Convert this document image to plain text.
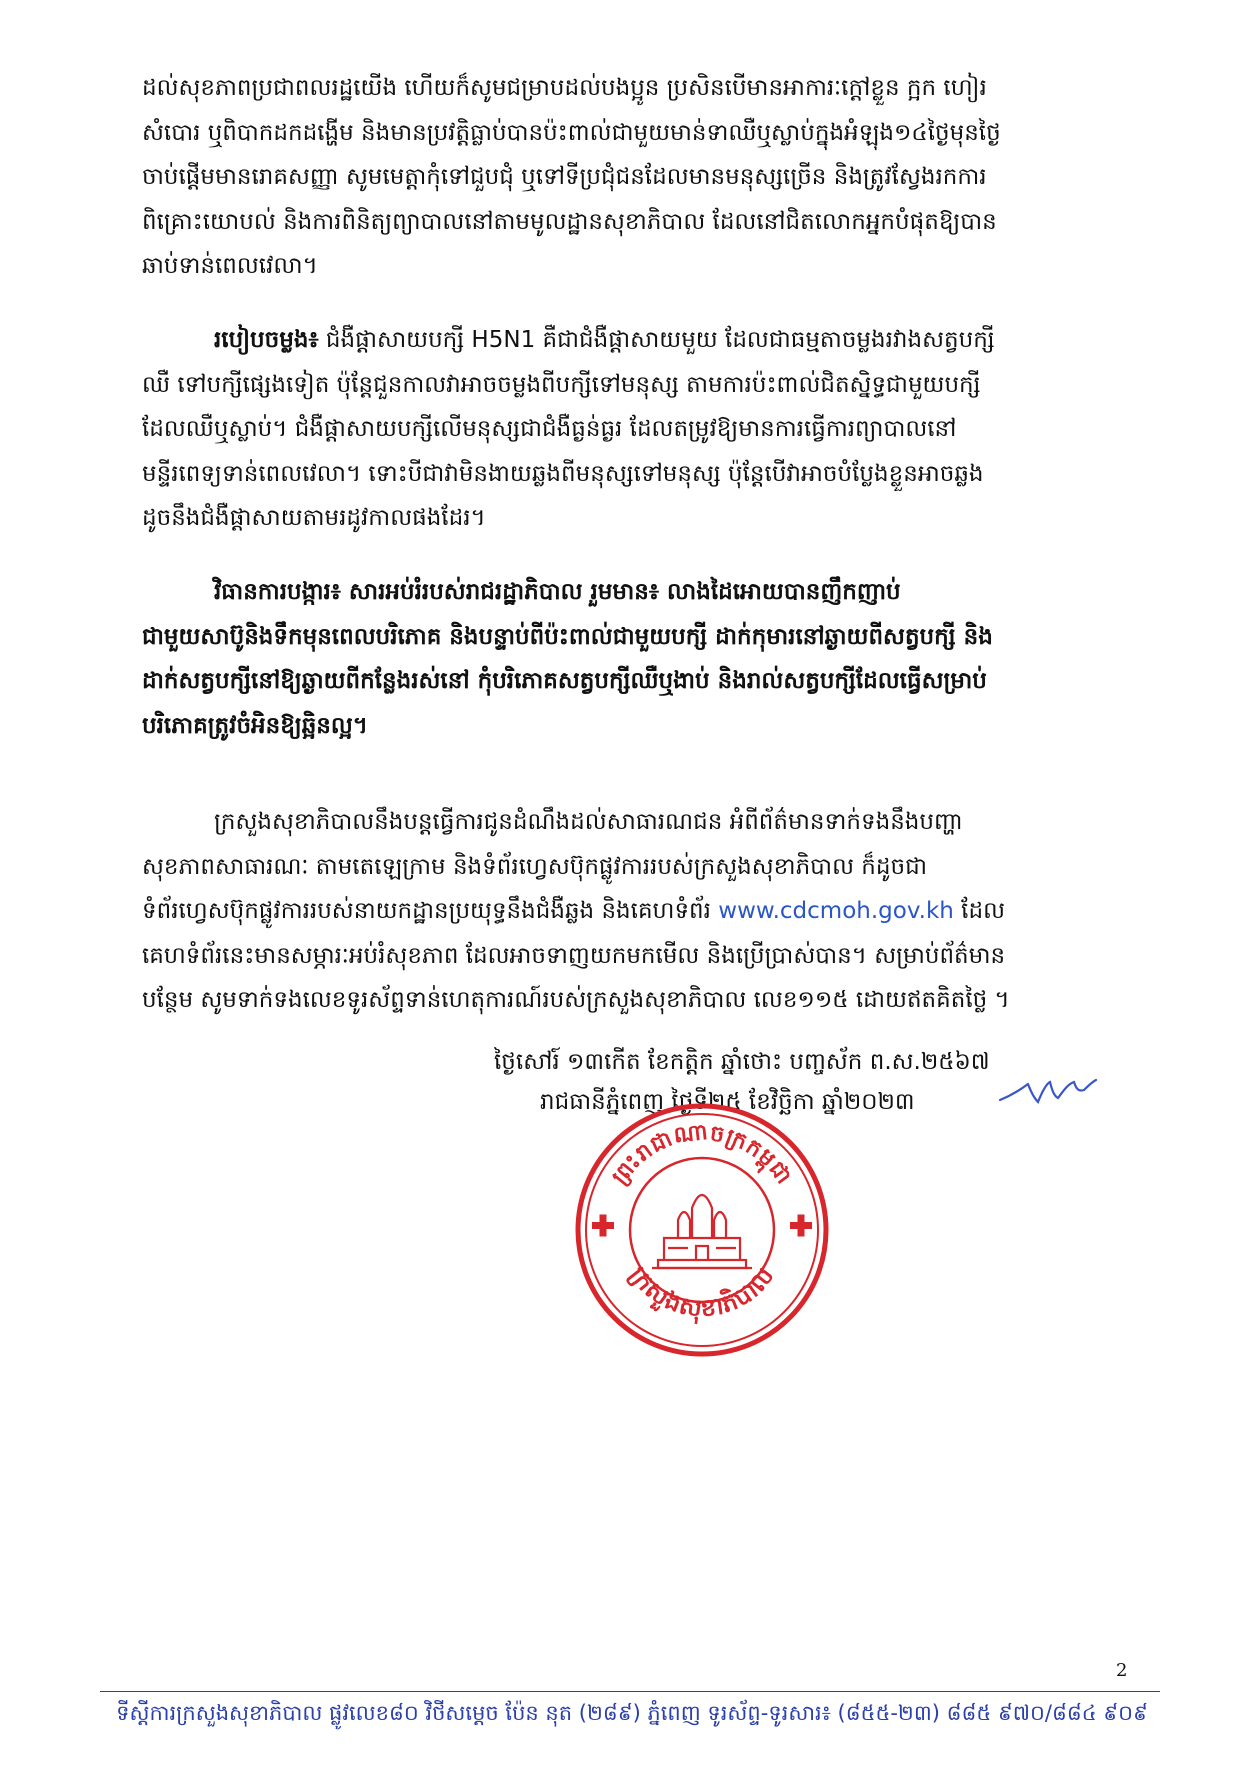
ដល់សុខភាពប្រជាពលរដ្ឋយើង ហើយក៏សូមជម្រាបដល់បងប្អូន ប្រសិនបើមានអាការៈក្ដៅខ្លួន ក្អក ហៀរ
សំបោរ ឬពិបាកដកដង្ហើម និងមានប្រវត្តិធ្លាប់បានប៉ះពាល់ជាមួយមាន់ទាឈឺឬស្លាប់ក្នុងអំឡុង១៤ថ្ងៃមុនថ្ងៃ
ចាប់ផ្ដើមមានរោគសញ្ញា សូមមេត្តាកុំទៅជួបជុំ ឬទៅទីប្រជុំជនដែលមានមនុស្សច្រើន និងត្រូវស្វែងរកការ
ពិគ្រោះយោបល់ និងការពិនិត្យព្យាបាលនៅតាមមូលដ្ឋានសុខាភិបាល ដែលនៅជិតលោកអ្នកបំផុតឱ្យបាន
ឆាប់ទាន់ពេលវេលា។
របៀបចម្លង៖ ជំងឺផ្ដាសាយបក្សី H5N1 គឺជាជំងឺផ្ដាសាយមួយ ដែលជាធម្មតាចម្លងរវាងសត្វបក្សី
ឈឺ ទៅបក្សីផ្សេងទៀត ប៉ុន្តែជួនកាលវាអាចចម្លងពីបក្សីទៅមនុស្ស តាមការប៉ះពាល់ជិតស្និទ្ធជាមួយបក្សី
ដែលឈឺឬស្លាប់។ ជំងឺផ្ដាសាយបក្សីលើមនុស្សជាជំងឺធ្ងន់ធ្ងរ ដែលតម្រូវឱ្យមានការធ្វើការព្យាបាលនៅ
មន្ទីរពេទ្យទាន់ពេលវេលា។ ទោះបីជាវាមិនងាយឆ្លងពីមនុស្សទៅមនុស្ស ប៉ុន្តែបើវាអាចបំប្លែងខ្លួនអាចឆ្លង
ដូចនឹងជំងឺផ្ដាសាយតាមរដូវកាលផងដែរ។
វិធានការបង្ការ៖ សារអប់រំរបស់រាជរដ្ឋាភិបាល រួមមាន៖ លាងដៃអោយបានញឹកញាប់
ជាមួយសាប៊ូនិងទឹកមុនពេលបរិភោគ និងបន្ទាប់ពីប៉ះពាល់ជាមួយបក្សី ដាក់កុមារនៅឆ្ងាយពីសត្វបក្សី និង
ដាក់សត្វបក្សីនៅឱ្យឆ្ងាយពីកន្លែងរស់នៅ កុំបរិភោគសត្វបក្សីឈឺឬងាប់ និងរាល់សត្វបក្សីដែលធ្វើសម្រាប់
បរិភោគត្រូវចំអិនឱ្យឆ្អិនល្អ។
ក្រសួងសុខាភិបាលនឹងបន្តធ្វើការជូនដំណឹងដល់សាធារណជន អំពីព័ត៌មានទាក់ទងនឹងបញ្ហា
សុខភាពសាធារណៈ តាមតេឡេក្រាម និងទំព័រហ្វេសប៊ុកផ្លូវការរបស់ក្រសួងសុខាភិបាល ក៏ដូចជា
ទំព័រហ្វេសប៊ុកផ្លូវការរបស់នាយកដ្ឋានប្រយុទ្ធនឹងជំងឺឆ្លង និងគេហទំព័រ www.cdcmoh.gov.kh ដែល
គេហទំព័រនេះមានសម្ភារៈអប់រំសុខភាព ដែលអាចទាញយកមកមើល និងប្រើប្រាស់បាន។ សម្រាប់ព័ត៌មាន
បន្ថែម សូមទាក់ទងលេខទូរស័ព្ទទាន់ហេតុការណ៍របស់ក្រសួងសុខាភិបាល លេខ១១៥ ដោយឥតគិតថ្លៃ ។
ថ្ងៃសៅរ៍ ១៣កើត ខែកត្តិក ឆ្នាំថោះ បញ្ចស័ក ព.ស.២៥៦៧
រាជធានីភ្នំពេញ ថ្ងៃទី២៥ ខែវិច្ឆិកា ឆ្នាំ២០២៣
ព្រះរាជាណាចក្រកម្ពុជា
ក្រសួងសុខាភិបាល
2
ទីស្តីការក្រសួងសុខាភិបាល ផ្លូវលេខ៨០ វិថីសម្តេច ប៉ែន នុត (២៨៩) ភ្នំពេញ ទូរស័ព្ទ-ទូរសារ៖ (៨៥៥-២៣) ៨៨៥ ៩៧០/៨៨៤ ៩០៩
